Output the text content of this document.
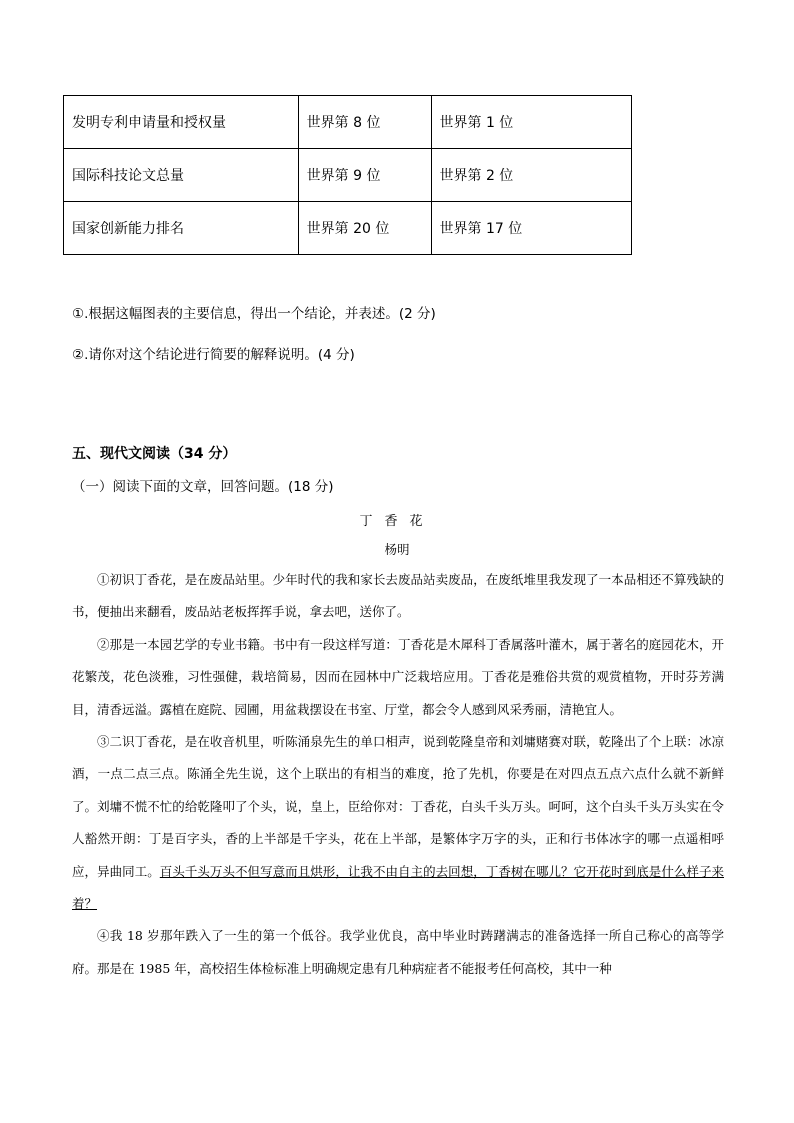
发明专利申请量和授权量	世界第 8 位	世界第 1 位
国际科技论文总量	世界第 9 位	世界第 2 位
国家创新能力排名	世界第 20 位	世界第 17 位
①.根据这幅图表的主要信息，得出一个结论，并表述。(2 分)
②.请你对这个结论进行简要的解释说明。(4 分)
五、现代文阅读（34 分）
（一）阅读下面的文章，回答问题。(18 分)
丁香花
杨明

①初识丁香花，是在废品站里。少年时代的我和家长去废品站卖废品，在废纸堆里我发现了一本品相还不算残缺的书，便抽出来翻看，废品站老板挥挥手说，拿去吧，送你了。

②那是一本园艺学的专业书籍。书中有一段这样写道：丁香花是木犀科丁香属落叶灌木，属于著名的庭园花木，开花繁茂，花色淡雅，习性强健，栽培简易，因而在园林中广泛栽培应用。丁香花是雅俗共赏的观赏植物，开时芬芳满目，清香远溢。露植在庭院、园圃，用盆栽摆设在书室、厅堂，都会令人感到风采秀丽，清艳宜人。

③二识丁香花，是在收音机里，听陈涌泉先生的单口相声，说到乾隆皇帝和刘墉赌赛对联，乾隆出了个上联：冰凉酒，一点二点三点。陈涌全先生说，这个上联出的有相当的难度，抢了先机，你要是在对四点五点六点什么就不新鲜了。刘墉不慌不忙的给乾隆叩了个头，说，皇上，臣给你对：丁香花，白头千头万头。呵呵，这个白头千头万头实在令人豁然开朗：丁是百字头，香的上半部是千字头，花在上半部，是繁体字万字的头，正和行书体冰字的哪一点遥相呼应，异曲同工。百头千头万头不但写意而且烘形，让我不由自主的去回想，丁香树在哪儿？它开花时到底是什么样子来着？

④我 18 岁那年跌入了一生的第一个低谷。我学业优良，高中毕业时踌躇满志的准备选择一所自己称心的高等学府。那是在 1985 年，高校招生体检标准上明确规定患有几种病症者不能报考任何高校，其中一种
